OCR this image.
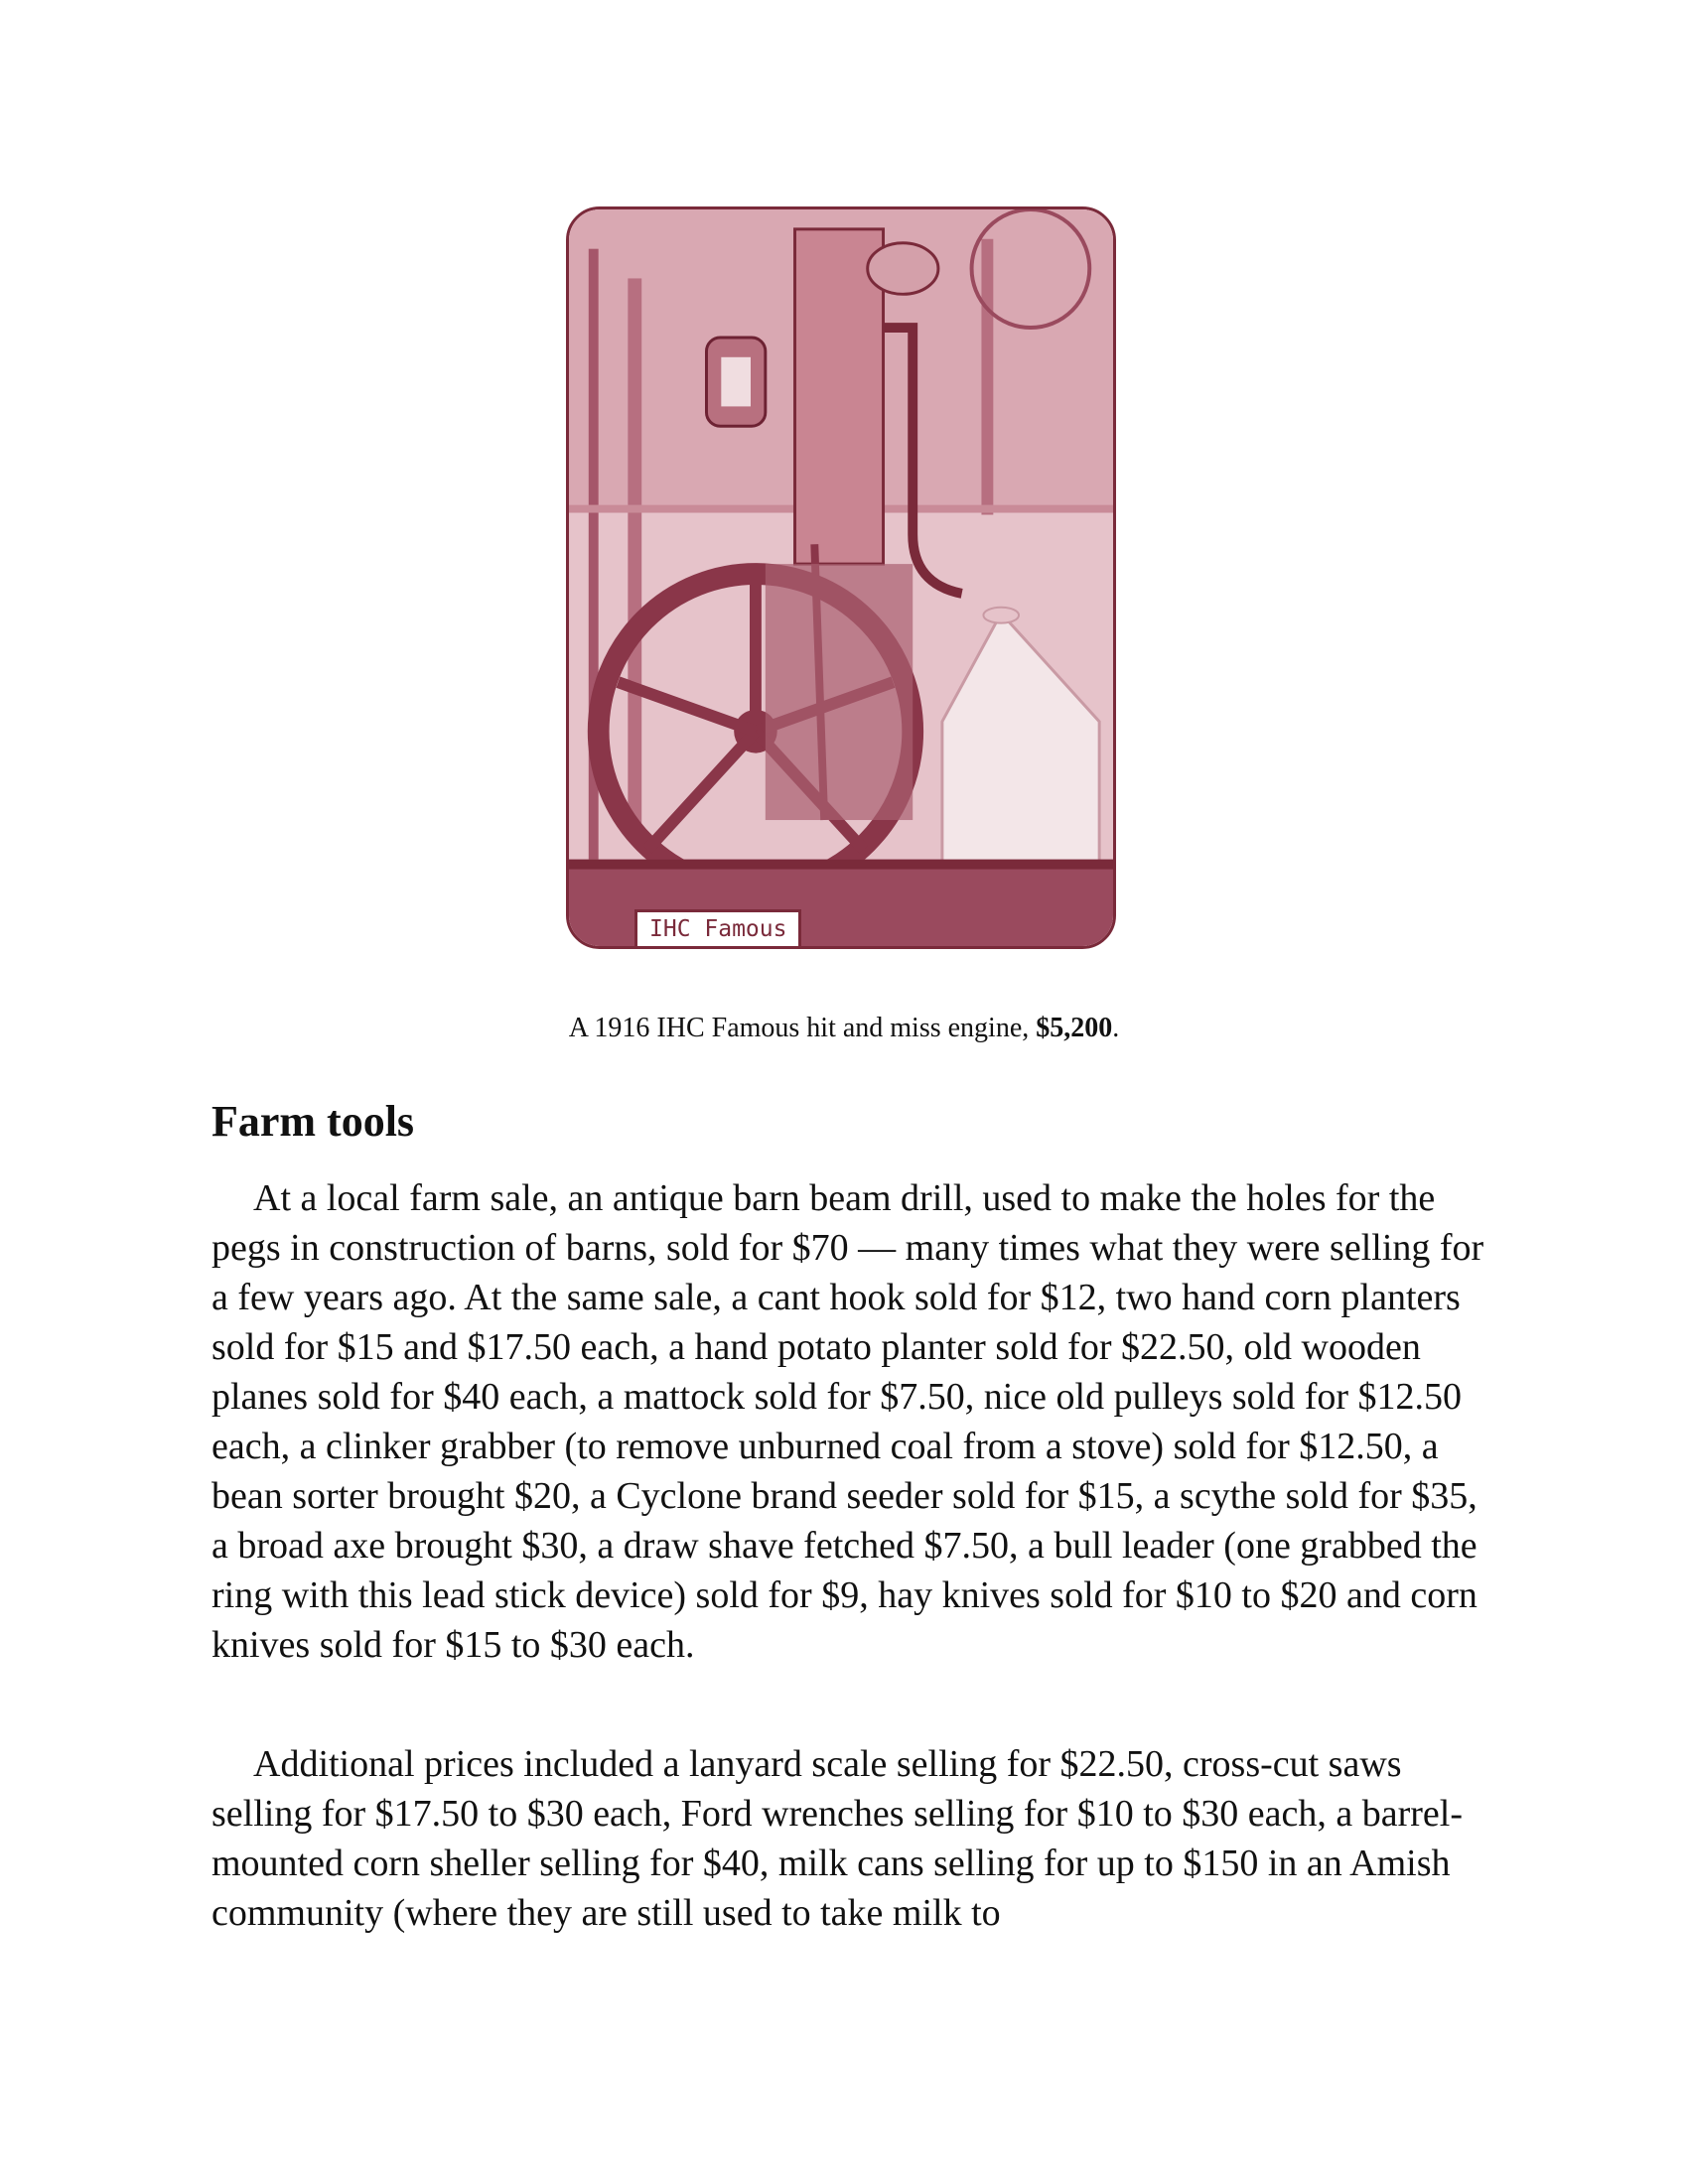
IHC Famous
A 1916 IHC Famous hit and miss engine, $5,200.
Farm tools

At a local farm sale, an antique barn beam drill, used to make the holes for the pegs in construction of barns, sold for $70 — many times what they were selling for a few years ago. At the same sale, a cant hook sold for $12, two hand corn planters sold for $15 and $17.50 each, a hand potato planter sold for $22.50, old wooden planes sold for $40 each, a mattock sold for $7.50, nice old pulleys sold for $12.50 each, a clinker grabber (to remove unburned coal from a stove) sold for $12.50, a bean sorter brought $20, a Cyclone brand seeder sold for $15, a scythe sold for $35, a broad axe brought $30, a draw shave fetched $7.50, a bull leader (one grabbed the ring with this lead stick device) sold for $9, hay knives sold for $10 to $20 and corn knives sold for $15 to $30 each.

Additional prices included a lanyard scale selling for $22.50, cross-cut saws selling for $17.50 to $30 each, Ford wrenches selling for $10 to $30 each, a barrel-mounted corn sheller selling for $40, milk cans selling for up to $150 in an Amish community (where they are still used to take milk to
